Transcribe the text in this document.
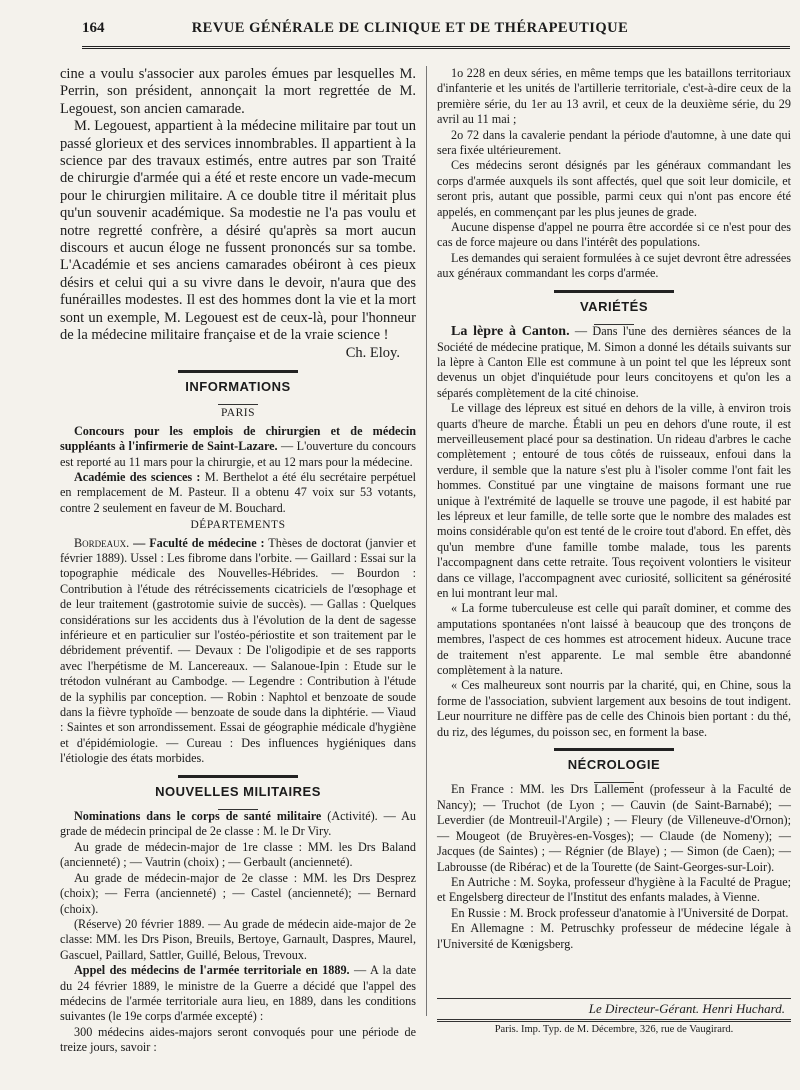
164	REVUE GÉNÉRALE DE CLINIQUE ET DE THÉRAPEUTIQUE

cine a voulu s'associer aux paroles émues par lesquelles M. Perrin, son président, annonçait la mort regrettée de M. Legouest, son ancien camarade.

M. Legouest, appartient à la médecine militaire par tout un passé glorieux et des services innombrables. Il appartient à la science par des travaux estimés, entre autres par son Traité de chirurgie d'armée qui a été et reste encore un vade-mecum pour le chirurgien militaire. A ce double titre il méritait plus qu'un souvenir académique. Sa modestie ne l'a pas voulu et notre regretté confrère, a désiré qu'après sa mort aucun discours et aucun éloge ne fussent prononcés sur sa tombe. L'Académie et ses anciens camarades obéiront à ces pieux désirs et celui qui a su vivre dans le devoir, n'aura que des funérailles modestes. Il est des hommes dont la vie et la mort sont un exemple, M. Legouest est de ceux-là, pour l'honneur de la médecine militaire française et de la vraie science !

Ch. Eloy.
INFORMATIONS
PARIS

Concours pour les emplois de chirurgien et de médecin suppléants à l'infirmerie de Saint-Lazare. — L'ouverture du concours est reporté au 11 mars pour la chirurgie, et au 12 mars pour la médecine.

Académie des sciences : M. Berthelot a été élu secrétaire perpétuel en remplacement de M. Pasteur. Il a obtenu 47 voix sur 53 votants, contre 2 seulement en faveur de M. Bouchard.

DÉPARTEMENTS

Bordeaux. — Faculté de médecine : Thèses de doctorat (janvier et février 1889). Ussel : Les fibrome dans l'orbite. — Gaillard : Essai sur la topographie médicale des Nouvelles-Hébrides. — Bourdon : Contribution à l'étude des rétrécissements cicatriciels de l'œsophage et de leur traitement (gastrotomie suivie de succès). — Gallas : Quelques considérations sur les accidents dus à l'évolution de la dent de sagesse inférieure et en particulier sur l'ostéo-périostite et son traitement par le débridement préventif. — Devaux : De l'oligodipie et de ses rapports avec l'herpétisme de M. Lancereaux. — Salanoue-Ipin : Etude sur le trétodon vulnérant au Cambodge. — Legendre : Contribution à l'étude de la syphilis par conception. — Robin : Naphtol et benzoate de soude dans la fièvre typhoïde — benzoate de soude dans la diphtérie. — Viaud : Saintes et son arrondissement. Essai de géographie médicale d'hygiène et d'épidémiologie. — Cureau : Des influences hygiéniques dans l'étiologie des états morbides.

NOUVELLES MILITAIRES

Nominations dans le corps de santé militaire (Activité). — Au grade de médecin principal de 2e classe : M. le Dr Viry.

Au grade de médecin-major de 1re classe : MM. les Drs Baland (ancienneté) ; — Vautrin (choix) ; — Gerbault (ancienneté).

Au grade de médecin-major de 2e classe : MM. les Drs Desprez (choix); — Ferra (ancienneté) ; — Castel (ancienneté); — Bernard (choix).

(Réserve) 20 février 1889. — Au grade de médecin aide-major de 2e classe: MM. les Drs Pison, Breuils, Bertoye, Garnault, Daspres, Maurel, Gascuel, Paillard, Sattler, Guillé, Belous, Trevoux.

Appel des médecins de l'armée territoriale en 1889. — A la date du 24 février 1889, le ministre de la Guerre a décidé que l'appel des médecins de l'armée territoriale aura lieu, en 1889, dans les conditions suivantes (le 19e corps d'armée excepté) :

300 médecins aides-majors seront convoqués pour une période de treize jours, savoir :

1o 228 en deux séries, en même temps que les bataillons territoriaux d'infanterie et les unités de l'artillerie territoriale, c'est-à-dire ceux de la première série, du 1er au 13 avril, et ceux de la deuxième série, du 29 avril au 11 mai ;

2o 72 dans la cavalerie pendant la période d'automne, à une date qui sera fixée ultérieurement.

Ces médecins seront désignés par les généraux commandant les corps d'armée auxquels ils sont affectés, quel que soit leur domicile, et seront pris, autant que possible, parmi ceux qui n'ont pas encore été appelés, en commençant par les plus jeunes de grade.

Aucune dispense d'appel ne pourra être accordée si ce n'est pour des cas de force majeure ou dans l'intérêt des populations.

Les demandes qui seraient formulées à ce sujet devront être adressées aux généraux commandant les corps d'armée.

VARIÉTÉS

La lèpre à Canton. — Dans l'une des dernières séances de la Société de médecine pratique, M. Simon a donné les détails suivants sur la lèpre à Canton Elle est commune à un point tel que les lépreux sont devenus un objet d'inquiétude pour leurs concitoyens et qu'on les a séparés complètement de la cité chinoise.

Le village des lépreux est situé en dehors de la ville, à environ trois quarts d'heure de marche. Établi un peu en dehors d'une route, il est merveilleusement placé pour sa destination. Un rideau d'arbres le cache complètement ; entouré de tous côtés de ruisseaux, enfoui dans la verdure, il semble que la nature s'est plu à l'isoler comme l'ont fait les hommes. Constitué par une vingtaine de maisons formant une rue unique à l'extrémité de laquelle se trouve une pagode, il est habité par les lépreux et leur famille, de telle sorte que le nombre des malades est moins considérable qu'on est tenté de le croire tout d'abord. En effet, dès qu'un membre d'une famille tombe malade, tous les parents l'accompagnent dans cette retraite. Tous reçoivent volontiers le visiteur dans ce village, l'accompagnent avec curiosité, sollicitent sa générosité en lui montrant leur mal.

« La forme tuberculeuse est celle qui paraît dominer, et comme des amputations spontanées n'ont laissé à beaucoup que des tronçons de membres, l'aspect de ces hommes est atrocement hideux. Aucune trace de traitement n'est apparente. Le mal semble être abandonné complètement à la nature.

« Ces malheureux sont nourris par la charité, qui, en Chine, sous la forme de l'association, subvient largement aux besoins de tout indigent. Leur nourriture ne diffère pas de celle des Chinois bien portant : du thé, du riz, des légumes, du poisson sec, en forment la base.

NÉCROLOGIE

En France : MM. les Drs Lallement (professeur à la Faculté de Nancy); — Truchot (de Lyon ; — Cauvin (de Saint-Barnabé); — Leverdier (de Montreuil-l'Argile) ; — Fleury (de Villeneuve-d'Ornon); — Mougeot (de Bruyères-en-Vosges); — Claude (de Nomeny); — Jacques (de Saintes) ; — Régnier (de Blaye) ; — Simon (de Caen); — Labrousse (de Ribérac) et de la Tourette (de Saint-Georges-sur-Loir).

En Autriche : M. Soyka, professeur d'hygiène à la Faculté de Prague; et Engelsberg directeur de l'Institut des enfants malades, à Vienne.

En Russie : M. Brock professeur d'anatomie à l'Université de Dorpat.

En Allemagne : M. Petruschky professeur de médecine légale à l'Université de Kœnigsberg.

Le Directeur-Gérant. Henri Huchard.
Paris. Imp. Typ. de M. Décembre, 326, rue de Vaugirard.
